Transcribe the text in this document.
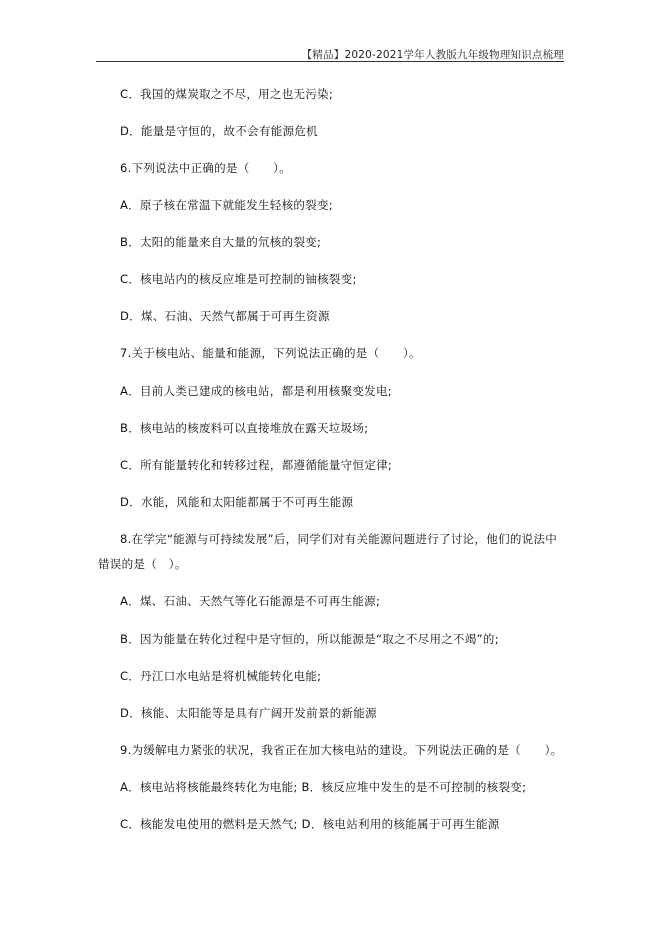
【精品】2020-2021学年人教版九年级物理知识点梳理
C．我国的煤炭取之不尽，用之也无污染;
D．能量是守恒的，故不会有能源危机
6.下列说法中正确的是（　　）。
A．原子核在常温下就能发生轻核的裂变;
B．太阳的能量来自大量的氘核的裂变;
C．核电站内的核反应堆是可控制的铀核裂变;
D．煤、石油、天然气都属于可再生资源
7.关于核电站、能量和能源，下列说法正确的是（　　）。
A．目前人类已建成的核电站，都是利用核聚变发电;
B．核电站的核废料可以直接堆放在露天垃圾场;
C．所有能量转化和转移过程，都遵循能量守恒定律;
D．水能，风能和太阳能都属于不可再生能源
8.在学完“能源与可持续发展”后，同学们对有关能源问题进行了讨论，他们的说法中
错误的是（　）。
A．煤、石油、天然气等化石能源是不可再生能源;
B．因为能量在转化过程中是守恒的，所以能源是“取之不尽用之不竭”的;
C．丹江口水电站是将机械能转化电能;
D．核能、太阳能等是具有广阔开发前景的新能源
9.为缓解电力紧张的状况，我省正在加大核电站的建设。下列说法正确的是（　　）。
A．核电站将核能最终转化为电能; B．核反应堆中发生的是不可控制的核裂变;
C．核能发电使用的燃料是天然气; D．核电站利用的核能属于可再生能源
